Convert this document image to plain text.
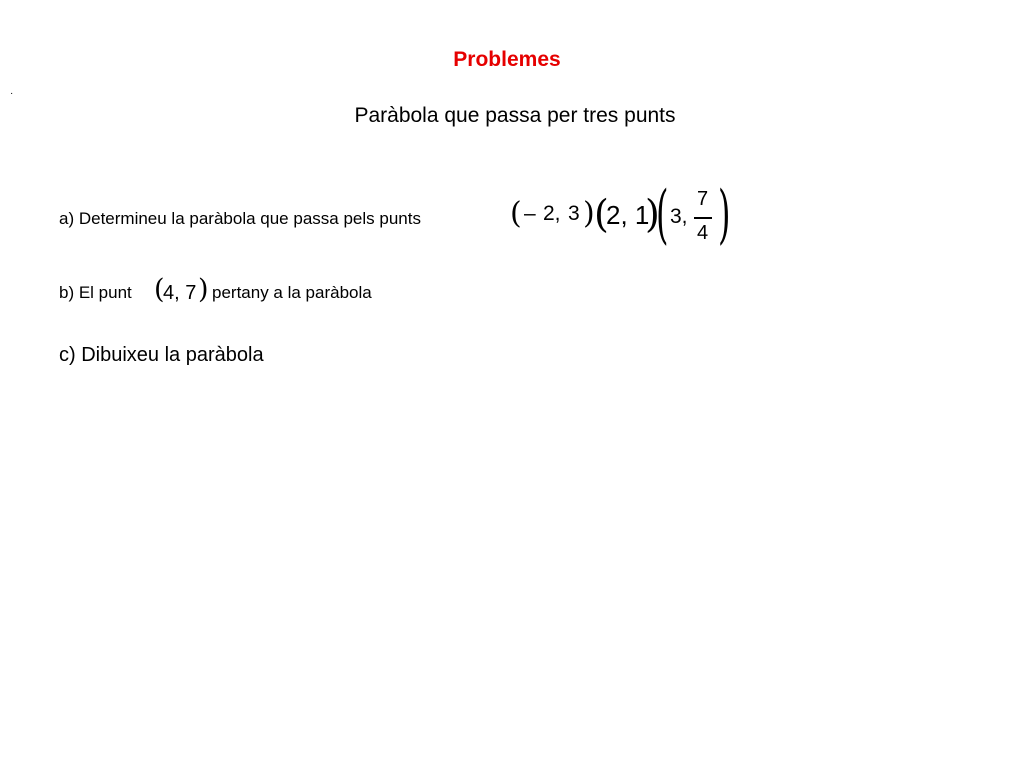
Problemes
·
Paràbola que passa per tres punts
a) Determineu la paràbola que passa pels punts	( – 2, 3 ) (
2, 1
)
( 3,
7
4 )
b) El punt (
4, 7 ) pertany a la paràbola
c) Dibuixeu la paràbola
